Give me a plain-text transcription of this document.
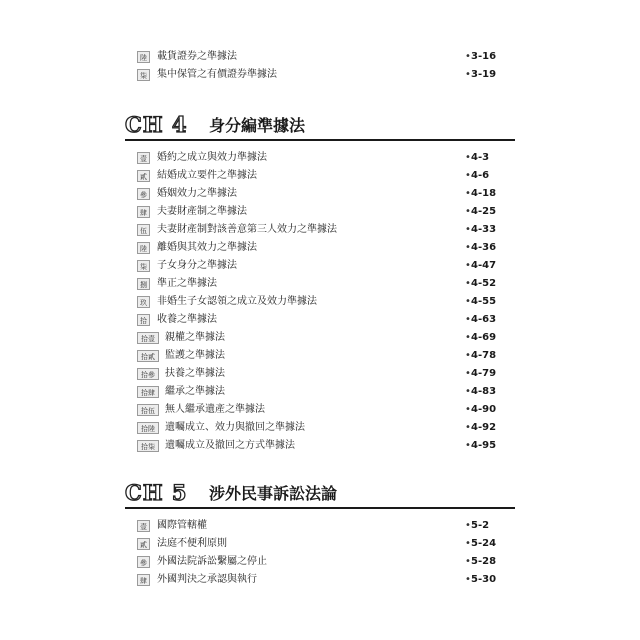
陸	載貨證券之準據法	• 3-16
柒	集中保管之有價證券準據法	• 3-19
CH 4 身分編準據法
壹	婚約之成立與效力準據法	• 4-3
貳	結婚成立要件之準據法	• 4-6
參	婚姻效力之準據法	• 4-18
肆	夫妻財產制之準據法	• 4-25
伍	夫妻財產制對該善意第三人效力之準據法	• 4-33
陸	離婚與其效力之準據法	• 4-36
柒	子女身分之準據法	• 4-47
捌	準正之準據法	• 4-52
玖	非婚生子女認領之成立及效力準據法	• 4-55
拾	收養之準據法	• 4-63
拾壹	親權之準據法	• 4-69
拾貳	監護之準據法	• 4-78
拾參	扶養之準據法	• 4-79
拾肆	繼承之準據法	• 4-83
拾伍	無人繼承遺產之準據法	• 4-90
拾陸	遺囑成立、效力與撤回之準據法	• 4-92
拾柒	遺囑成立及撤回之方式準據法	• 4-95
CH 5 涉外民事訴訟法論
壹	國際管轄權	• 5-2
貳	法庭不便利原則	• 5-24
參	外國法院訴訟繫屬之停止	• 5-28
肆	外國判決之承認與執行	• 5-30
